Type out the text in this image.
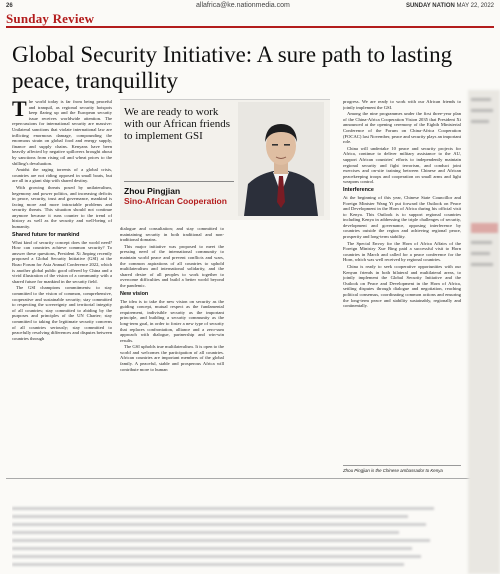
26	allafrica@ke.nationmedia.com	SUNDAY NATION MAY 22, 2022
Sunday Review
Global Security Initiative: A sure path to lasting peace, tranquillity

The world today is far from being peaceful and tranquil, as regional security hotspots keep flaring up and the European security issue receives worldwide attention. The repercussions for international security are massive: Unilateral sanctions that violate international law are inflicting enormous damage, compounding the enormous strain on global food and energy supply, finance and supply chains. Kenyans have been heavily affected by negative spillovers brought about by sanctions from rising oil and wheat prices to the shilling's devaluation.

Amidst the raging torrents of a global crisis, countries are not riding opposed in small boats, but are all in a giant ship with shared destiny.

With growing threats posed by unilateralism, hegemony and power politics, and increasing deficits in peace, security, trust and governance, mankind is facing more and more intractable problems and security threats. This situation should not continue anymore because it runs counter to the trend of history as well as the security and well-being of humanity.

Shared future for mankind

What kind of security concept does the world need? How can countries achieve common security? To answer these questions, President Xi Jinping recently proposed a Global Security Initiative (GSI) at the Boao Forum for Asia Annual Conference 2022, which is another global public good offered by China and a vivid illustration of the vision of a community with a shared future for mankind in the security field.

The GSI champions commitments: to stay committed to the vision of common, comprehensive, cooperative and sustainable security; stay committed to respecting the sovereignty and territorial integrity of all countries; stay committed to abiding by the purposes and principles of the UN Charter; stay committed to taking the legitimate security concerns of all countries seriously; stay committed to peacefully resolving differences and disputes between countries through

We are ready to work with our African friends to implement GSI
Zhou Pingjian
Sino-African Cooperation

dialogue and consultation; and stay committed to maintaining security in both traditional and non-traditional domains.

This major initiative was proposed to meet the pressing need of the international community to maintain world peace and prevent conflicts and wars, the common aspirations of all countries to uphold multilateralism and international solidarity, and the shared desire of all peoples to work together to overcome difficulties and build a better world beyond the pandemic.

New vision

The idea is to take the new vision on security as the guiding concept, mutual respect as the fundamental requirement, indivisible security as the important principle, and building a security community as the long-term goal, in order to foster a new type of security that replaces confrontation, alliance and a zero-sum approach with dialogue, partnership and win-win results.

The GSI upholds true multilateralism. It is open to the world and welcomes the participation of all countries. African countries are important members of the global family. A peaceful, stable and prosperous Africa will contribute more to human

progress. We are ready to work with our African friends to jointly implement the GSI.

Among the nine programmes under the first three-year plan of the China-Africa Cooperation Vision 2035 that President Xi announced at the opening ceremony of the Eighth Ministerial Conference of the Forum on China-Africa Cooperation (FOCAC) last November, peace and security plays an important role.

China will undertake 10 peace and security projects for Africa, continue to deliver military assistance to the AU, support African countries' efforts to independently maintain regional security and fight terrorism, and conduct joint exercises and on-site training between Chinese and African peacekeeping troops and cooperation on small arms and light weapons control.

Interference

At the beginning of this year, Chinese State Councillor and Foreign Minister Wang Yi put forward the Outlook on Peace and Development in the Horn of Africa during his official visit to Kenya. This Outlook is to support regional countries including Kenya in addressing the triple challenges of security, development and governance, opposing interference by countries outside the region and achieving regional peace, prosperity and long-term stability.

The Special Envoy for the Horn of Africa Affairs of the Foreign Ministry Xue Bing paid a successful visit to Horn countries in March and called for a peace conference for the Horn, which was well received by regional countries.

China is ready to seek cooperative opportunities with our Kenyan friends in both bilateral and multilateral areas, to jointly implement the Global Security Initiative and the Outlook on Peace and Development in the Horn of Africa, settling disputes through dialogue and negotiation, reaching political consensus, coordinating common actions and ensuring the long-term peace and stability sustainably, regionally and continentally.

Zhou Pingjian is the Chinese ambassador to Kenya
